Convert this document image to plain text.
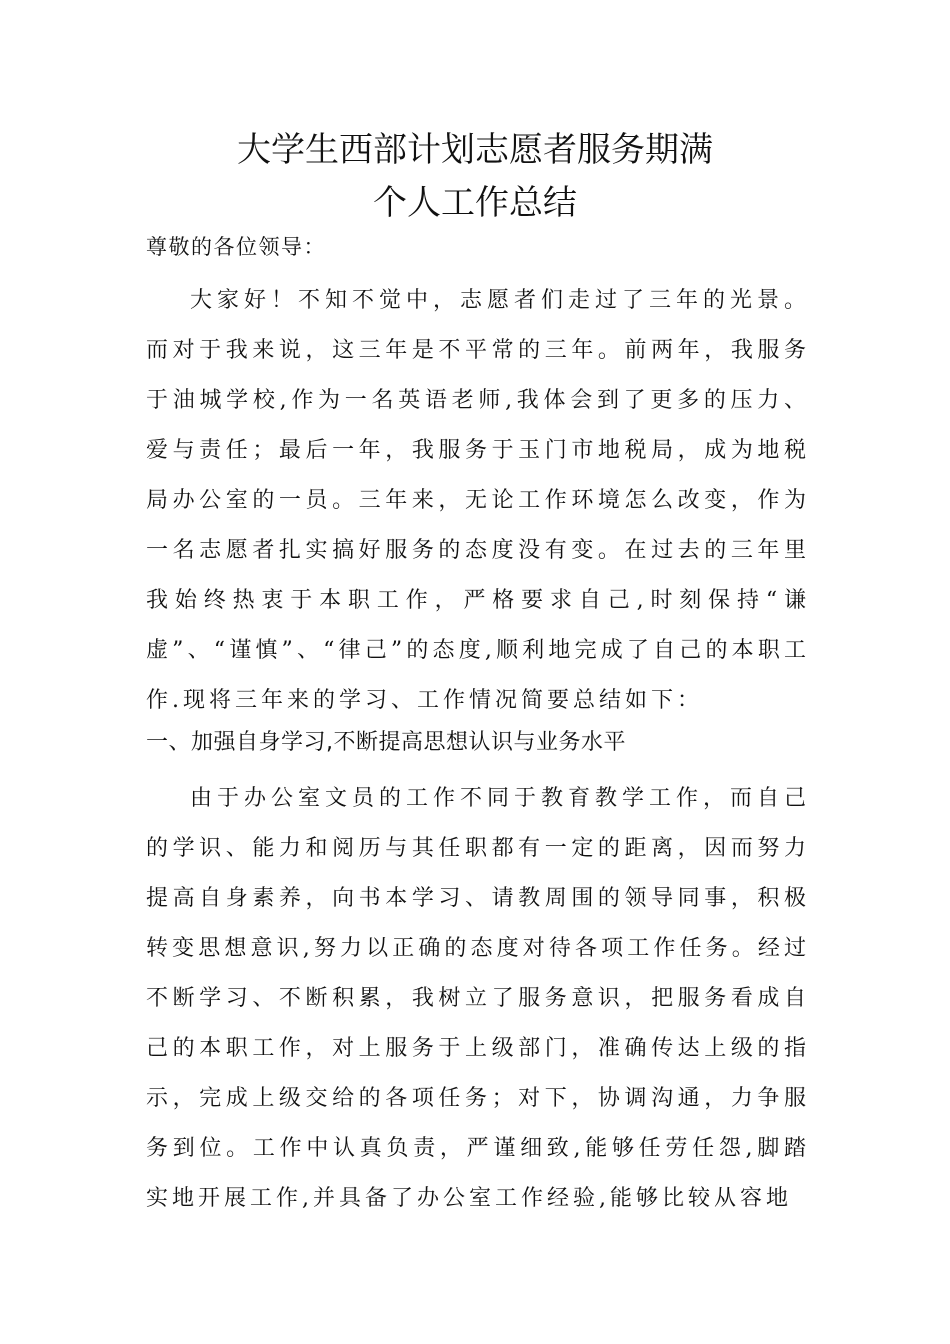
大学生西部计划志愿者服务期满
个人工作总结

尊敬的各位领导：

大家好！不知不觉中，志愿者们走过了三年的光景。而对于我来说，这三年是不平常的三年。前两年，我服务于油城学校,作为一名英语老师,我体会到了更多的压力、爱与责任；最后一年，我服务于玉门市地税局，成为地税局办公室的一员。三年来，无论工作环境怎么改变，作为一名志愿者扎实搞好服务的态度没有变。在过去的三年里我始终热衷于本职工作，严格要求自己,时刻保持“谦虚”、“谨慎”、“律己”的态度,顺利地完成了自己的本职工作.现将三年来的学习、工作情况简要总结如下：

一、加强自身学习,不断提高思想认识与业务水平

由于办公室文员的工作不同于教育教学工作，而自己的学识、能力和阅历与其任职都有一定的距离，因而努力提高自身素养，向书本学习、请教周围的领导同事，积极转变思想意识,努力以正确的态度对待各项工作任务。经过不断学习、不断积累，我树立了服务意识，把服务看成自己的本职工作，对上服务于上级部门，准确传达上级的指示，完成上级交给的各项任务；对下，协调沟通，力争服务到位。工作中认真负责，严谨细致,能够任劳任怨,脚踏实地开展工作,并具备了办公室工作经验,能够比较从容地
